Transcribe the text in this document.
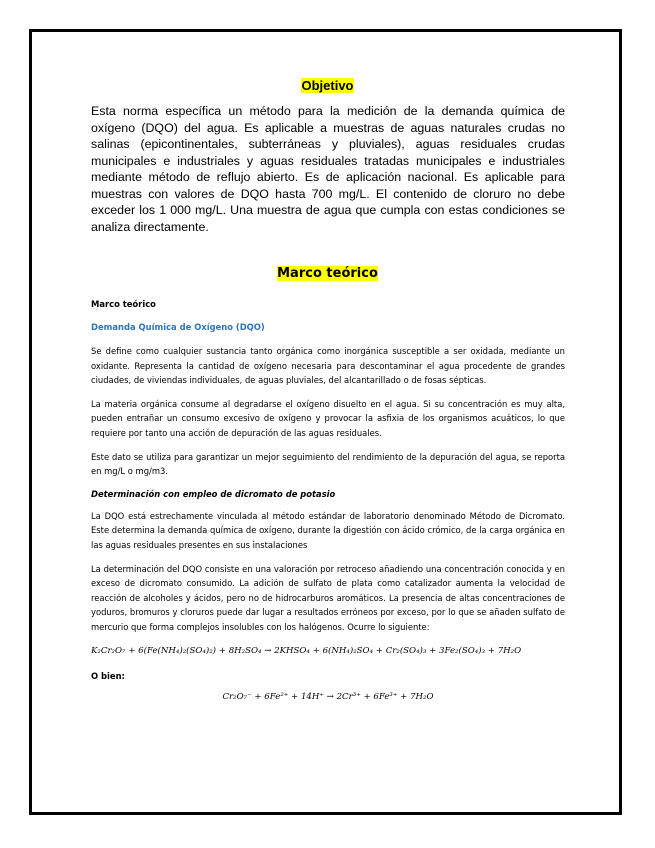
Objetivo
Esta norma específica un método para la medición de la demanda química de oxígeno (DQO) del agua. Es aplicable a muestras de aguas naturales crudas no salinas (epicontinentales, subterráneas y pluviales), aguas residuales crudas municipales e industriales y aguas residuales tratadas municipales e industriales mediante método de reflujo abierto. Es de aplicación nacional. Es aplicable para muestras con valores de DQO hasta 700 mg/L. El contenido de cloruro no debe exceder los 1 000 mg/L. Una muestra de agua que cumpla con estas condiciones se analiza directamente.
Marco teórico
Marco teórico
Demanda Química de Oxígeno (DQO)

Se define como cualquier sustancia tanto orgánica como inorgánica susceptible a ser oxidada, mediante un oxidante. Representa la cantidad de oxígeno necesaria para descontaminar el agua procedente de grandes ciudades, de viviendas individuales, de aguas pluviales, del alcantarillado o de fosas sépticas.

La materia orgánica consume al degradarse el oxígeno disuelto en el agua. Si su concentración es muy alta, pueden entrañar un consumo excesivo de oxígeno y provocar la asfixia de los organismos acuáticos, lo que requiere por tanto una acción de depuración de las aguas residuales.

Este dato se utiliza para garantizar un mejor seguimiento del rendimiento de la depuración del agua, se reporta en mg/L o mg/m3.

Determinación con empleo de dicromato de potasio

La DQO está estrechamente vinculada al método estándar de laboratorio denominado Método de Dicromato. Este determina la demanda química de oxígeno, durante la digestión con ácido crómico, de la carga orgánica en las aguas residuales presentes en sus instalaciones

La determinación del DQO consiste en una valoración por retroceso añadiendo una concentración conocida y en exceso de dicromato consumido. La adición de sulfato de plata como catalizador aumenta la velocidad de reacción de alcoholes y ácidos, pero no de hidrocarburos aromáticos. La presencia de altas concentraciones de yoduros, bromuros y cloruros puede dar lugar a resultados erróneos por exceso, por lo que se añaden sulfato de mercurio que forma complejos insolubles con los halógenos. Ocurre lo siguiente:

K₂Cr₂O₇ + 6(Fe(NH₄)₂(SO₄)₂) + 8H₂SO₄ → 2KHSO₄ + 6(NH₄)₂SO₄ + Cr₂(SO₄)₃ + 3Fe₂(SO₄)₃ + 7H₂O
O bien:
Cr₂O₇⁻ + 6Fe²⁺ + 14H⁺ → 2Cr³⁺ + 6Fe³⁺ + 7H₂O
